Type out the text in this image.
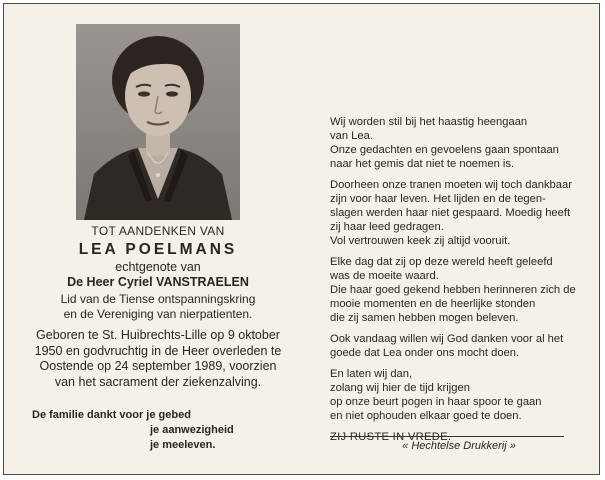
TOT AANDENKEN VAN
LEA POELMANS
echtgenote van
De Heer Cyriel VANSTRAELEN
Lid van de Tiense ontspanningskring
en de Vereniging van nierpatienten.
Geboren te St. Huibrechts-Lille op 9 oktober
1950 en godvruchtig in de Heer overleden te
Oostende op 24 september 1989, voorzien
van het sacrament der ziekenzalving.
De familie dankt voor je gebed
je aanwezigheid
je meeleven.

Wij worden stil bij het haastig heengaan
van Lea.
Onze gedachten en gevoelens gaan spontaan
naar het gemis dat niet te noemen is.

Doorheen onze tranen moeten wij toch dankbaar
zijn voor haar leven. Het lijden en de tegen-
slagen werden haar niet gespaard. Moedig heeft
zij haar leed gedragen.
Vol vertrouwen keek zij altijd vooruit.

Elke dag dat zij op deze wereld heeft geleefd
was de moeite waard.
Die haar goed gekend hebben herinneren zich de
mooie momenten en de heerlijke stonden
die zij samen hebben mogen beleven.

Ook vandaag willen wij God danken voor al het
goede dat Lea onder ons mocht doen.

En laten wij dan,
zolang wij hier de tijd krijgen
op onze beurt pogen in haar spoor te gaan
en niet ophouden elkaar goed te doen.

ZIJ RUSTE IN VREDE.

« Hechtelse Drukkerij »
